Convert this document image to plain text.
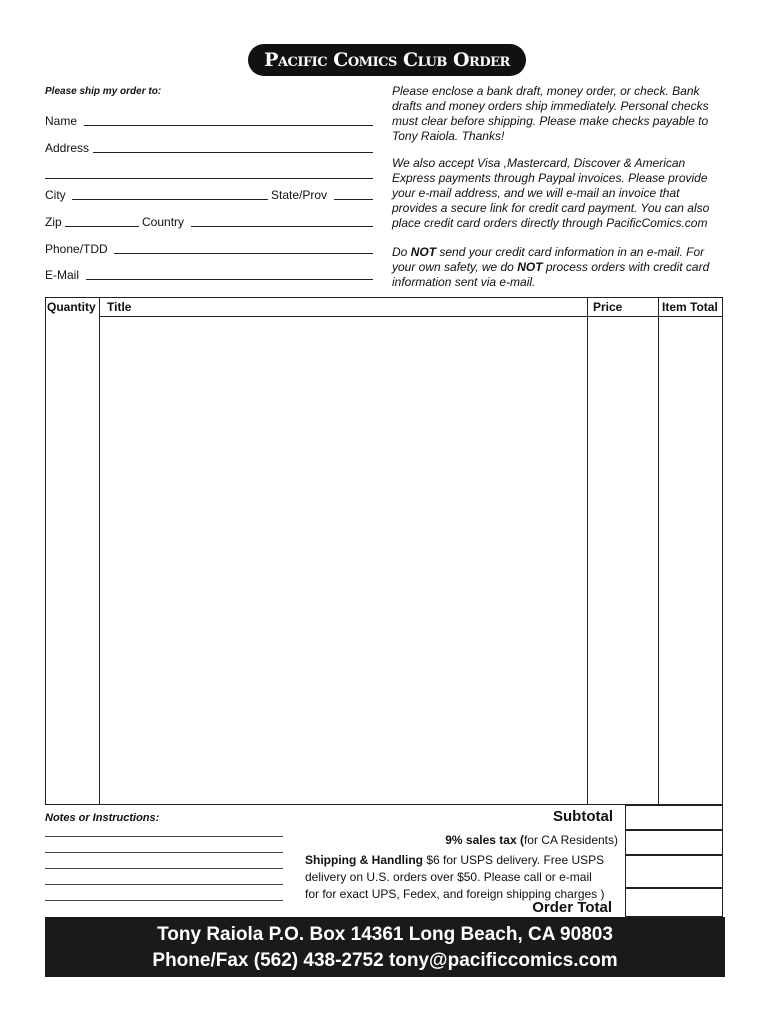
Pacific Comics Club Order Form
Please ship my order to:
Name
Address
City	State/Prov
Zip	Country
Phone/TDD
E-Mail
Please enclose a bank draft, money order, or check. Bank drafts and money orders ship immediately. Personal checks must clear before shipping. Please make checks payable to Tony Raiola. Thanks!
We also accept Visa ,Mastercard, Discover & American Express payments through Paypal invoices. Please provide your e-mail address, and we will e-mail an invoice that provides a secure link for credit card payment. You can also place credit card orders directly through PacificComics.com
Do NOT send your credit card information in an e-mail. For your own safety, we do NOT process orders with credit card information sent via e-mail.
Quantity Title	Price	Item Total
Notes or Instructions:	Subtotal
9% sales tax (for CA Residents)
Shipping & Handling $6 for USPS delivery. Free USPS
delivery on U.S. orders over $50. Please call or e-mail
for for exact UPS, Fedex, and foreign shipping charges )
Order Total
Tony Raiola P.O. Box 14361 Long Beach, CA 90803
Phone/Fax (562) 438-2752 tony@pacificcomics.com
